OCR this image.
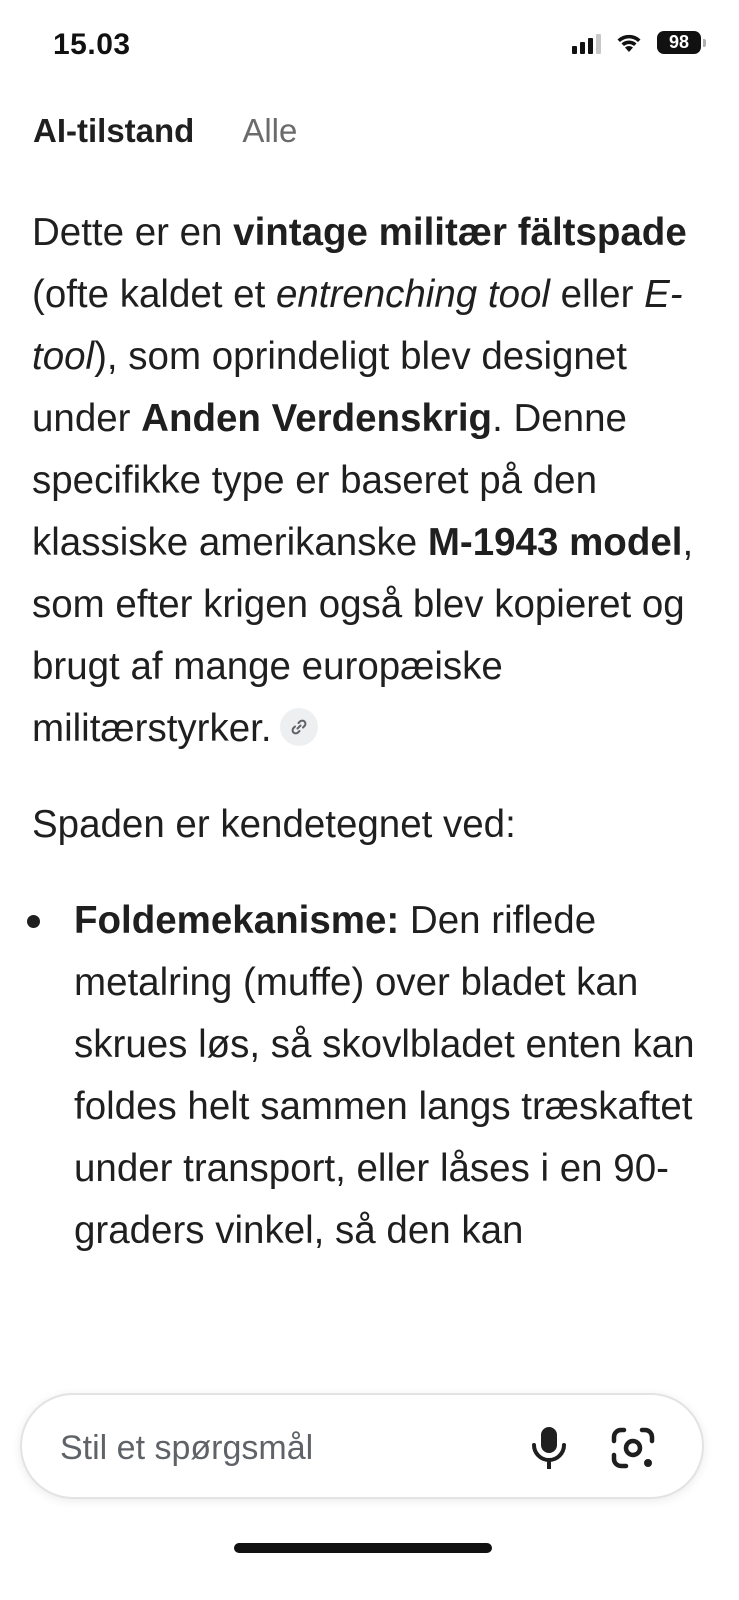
15.03	98
AI-tilstand Alle

Dette er en vintage militær fältspade (ofte kaldet et entrenching tool eller E-tool), som oprindeligt blev designet under Anden Verdenskrig. Denne specifikke type er baseret på den klassiske amerikanske M-1943 model, som efter krigen også blev kopieret og brugt af mange europæiske militærstyrker.

Spaden er kendetegnet ved:

Foldemekanisme: Den riflede metalring (muffe) over bladet kan skrues løs, så skovlbladet enten kan foldes helt sammen langs træskaftet under transport, eller låses i en 90-graders vinkel, så den kan
Stil et spørgsmål
